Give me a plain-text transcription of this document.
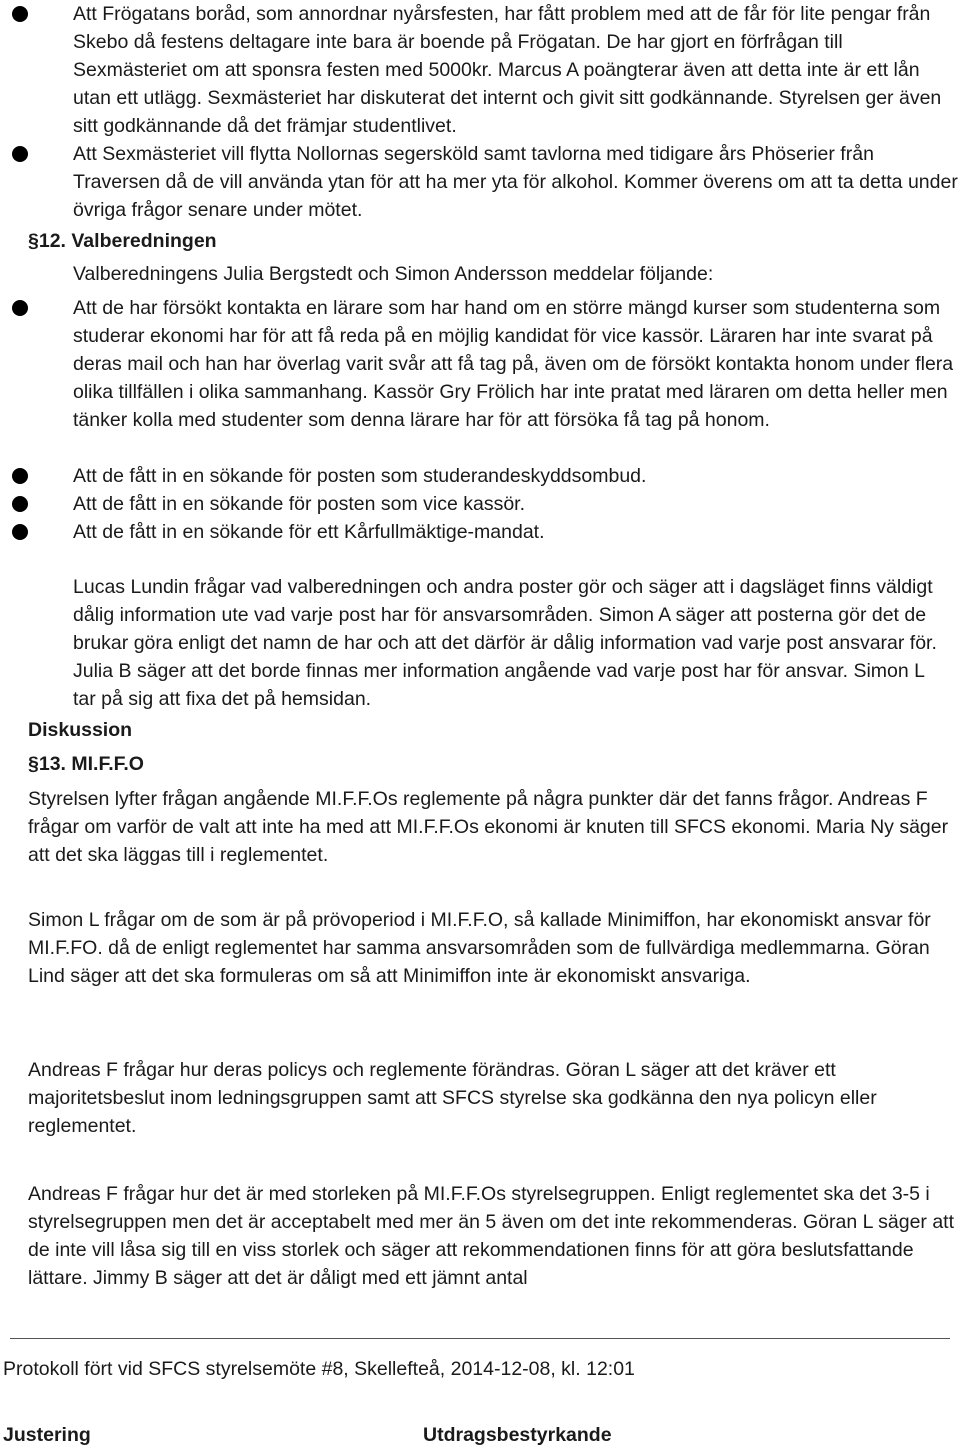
Att Frögatans boråd, som annordnar nyårsfesten, har fått problem med att de får för lite pengar från Skebo då festens deltagare inte bara är boende på Frögatan. De har gjort en förfrågan till Sexmästeriet om att sponsra festen med 5000kr. Marcus A poängterar även att detta inte är ett lån utan ett utlägg. Sexmästeriet har diskuterat det internt och givit sitt godkännande. Styrelsen ger även sitt godkännande då det främjar studentlivet.

Att Sexmästeriet vill flytta Nollornas segersköld samt tavlorna med tidigare års Phöserier från Traversen då de vill använda ytan för att ha mer yta för alkohol. Kommer överens om att ta detta under övriga frågor senare under mötet.

§12. Valberedningen

Valberedningens Julia Bergstedt och Simon Andersson meddelar följande:

Att de har försökt kontakta en lärare som har hand om en större mängd kurser som studenterna som studerar ekonomi har för att få reda på en möjlig kandidat för vice kassör. Läraren har inte svarat på deras mail och han har överlag varit svår att få tag på, även om de försökt kontakta honom under flera olika tillfällen i olika sammanhang. Kassör Gry Frölich har inte pratat med läraren om detta heller men tänker kolla med studenter som denna lärare har för att försöka få tag på honom.

Att de fått in en sökande för posten som studerandeskyddsombud.

Att de fått in en sökande för posten som vice kassör.

Att de fått in en sökande för ett Kårfullmäktige-mandat.

Lucas Lundin frågar vad valberedningen och andra poster gör och säger att i dagsläget finns väldigt dålig information ute vad varje post har för ansvarsområden. Simon A säger att posterna gör det de brukar göra enligt det namn de har och att det därför är dålig information vad varje post ansvarar för. Julia B säger att det borde finnas mer information angående vad varje post har för ansvar. Simon L tar på sig att fixa det på hemsidan.

Diskussion
§13. MI.F.F.O

Styrelsen lyfter frågan angående MI.F.F.Os reglemente på några punkter där det fanns frågor. Andreas F frågar om varför de valt att inte ha med att MI.F.F.Os ekonomi är knuten till SFCS ekonomi. Maria Ny säger att det ska läggas till i reglementet.

Simon L frågar om de som är på prövoperiod i MI.F.F.O, så kallade Minimiffon, har ekonomiskt ansvar för MI.F.FO. då de enligt reglementet har samma ansvarsområden som de fullvärdiga medlemmarna. Göran Lind säger att det ska formuleras om så att Minimiffon inte är ekonomiskt ansvariga.

Andreas F frågar hur deras policys och reglemente förändras. Göran L säger att det kräver ett majoritetsbeslut inom ledningsgruppen samt att SFCS styrelse ska godkänna den nya policyn eller reglementet.

Andreas F frågar hur det är med storleken på MI.F.F.Os styrelsegruppen. Enligt reglementet ska det 3-5 i styrelsegruppen men det är acceptabelt med mer än 5 även om det inte rekommenderas. Göran L säger att de inte vill låsa sig till en viss storlek och säger att rekommendationen finns för att göra beslutsfattande lättare. Jimmy B säger att det är dåligt med ett jämnt antal

Protokoll fört vid SFCS styrelsemöte #8, Skellefteå, 2014-12-08, kl. 12:01
Justering	Utdragsbestyrkande
